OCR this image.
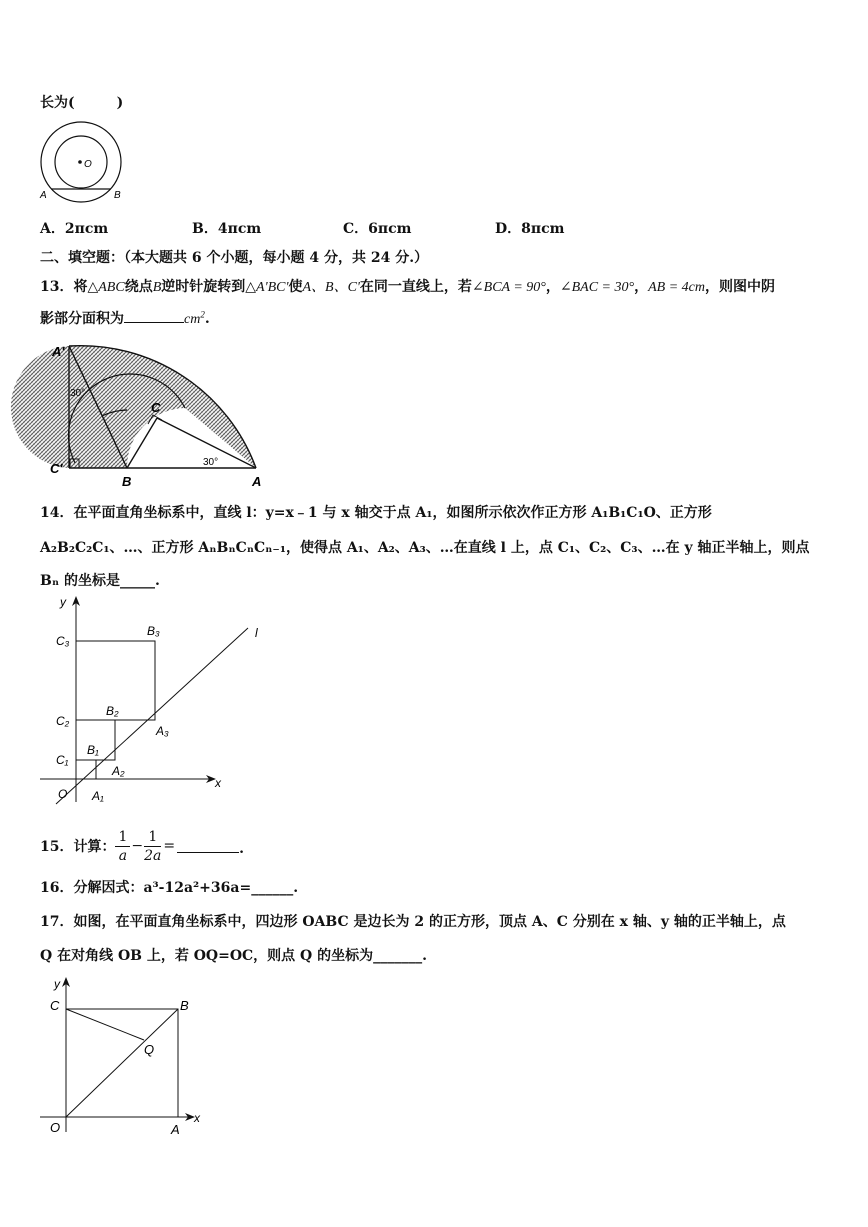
长为(　　　)
O
A	B
A．2πcm	B．4πcm	C．6πcm	D．8πcm
二、填空题：（本大题共 6 个小题，每小题 4 分，共 24 分.）
13．将△ABC绕点B逆时针旋转到△A'BC'使A、B、C'在同一直线上，若∠BCA = 90°，∠BAC = 30°，AB = 4cm，则图中阴
影部分面积为	$cm^2$.
A'
C
C'
B	A
30°
30°
14．在平面直角坐标系中，直线 l：y=x﹣1 与 x 轴交于点 A₁，如图所示依次作正方形 A₁B₁C₁O、正方形
A₂B₂C₂C₁、…、正方形 AₙBₙCₙCₙ₋₁，使得点 A₁、A₂、A₃、…在直线 l 上，点 C₁、C₂、C₃、…在 y 轴正半轴上，则点
Bₙ 的坐标是_____.
y
x
l
O A₁
A₂
A₃
B₁
B₂
B₃
C₁
C₂
C₃
15．计算： $\frac{1}{a} - \frac{1}{2a}$ =	.
16．分解因式：a³-12a²+36a=______.
17．如图，在平面直角坐标系中，四边形 OABC 是边长为 2 的正方形，顶点 A、C 分别在 x 轴、y 轴的正半轴上，点
Q 在对角线 OB 上，若 OQ=OC，则点 Q 的坐标为_______.
y
x
C	B
Q
O	A
